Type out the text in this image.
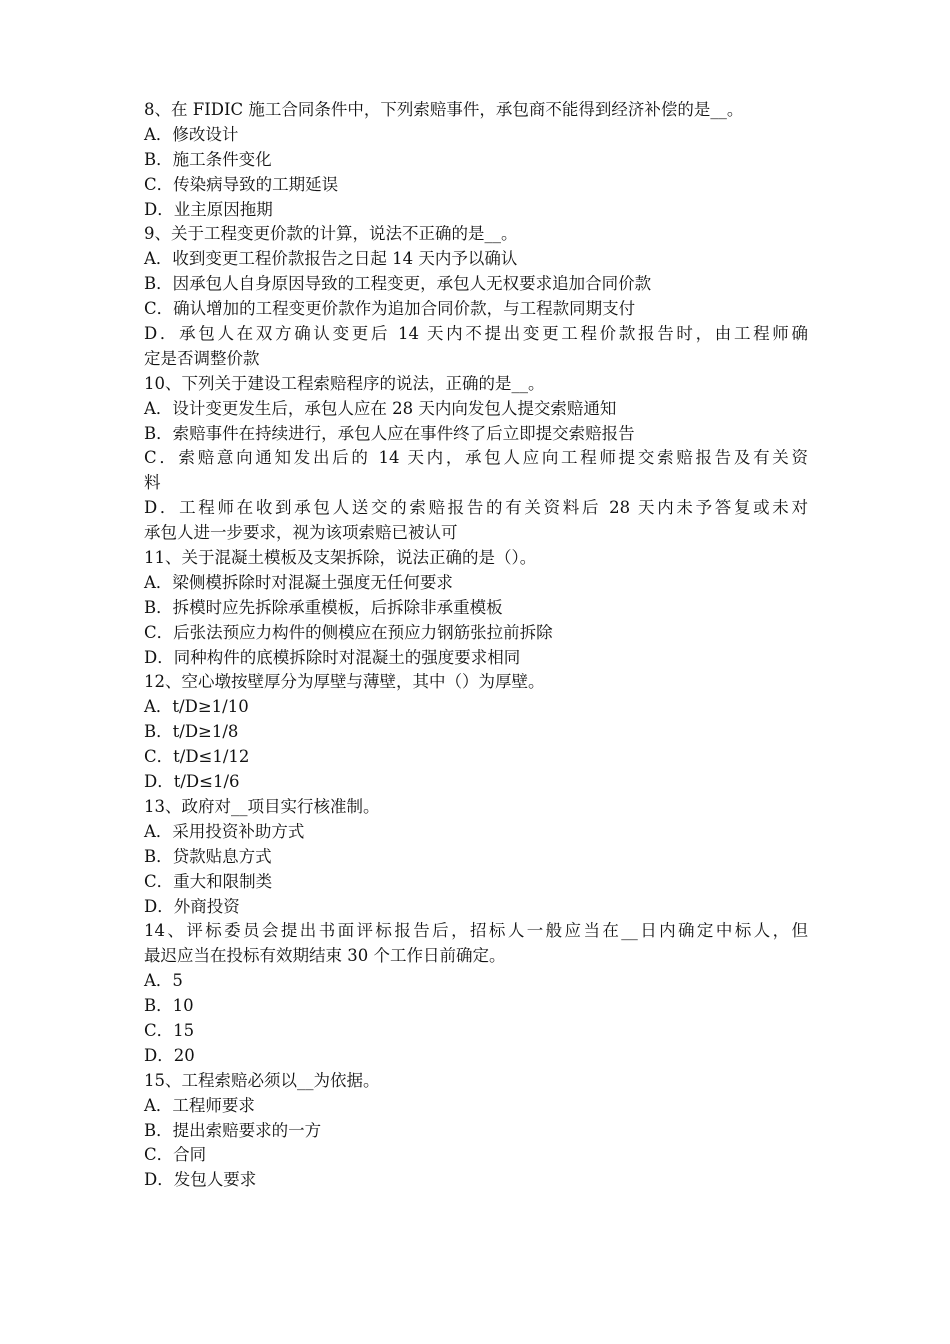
8、在 FIDIC 施工合同条件中，下列索赔事件，承包商不能得到经济补偿的是__。
A．修改设计
B．施工条件变化
C．传染病导致的工期延误
D．业主原因拖期
9、关于工程变更价款的计算，说法不正确的是__。
A．收到变更工程价款报告之日起 14 天内予以确认
B．因承包人自身原因导致的工程变更，承包人无权要求追加合同价款
C．确认增加的工程变更价款作为追加合同价款，与工程款同期支付
D．承包人在双方确认变更后 14 天内不提出变更工程价款报告时，由工程师确
定是否调整价款
10、下列关于建设工程索赔程序的说法，正确的是__。
A．设计变更发生后，承包人应在 28 天内向发包人提交索赔通知
B．索赔事件在持续进行，承包人应在事件终了后立即提交索赔报告
C．索赔意向通知发出后的 14 天内，承包人应向工程师提交索赔报告及有关资
料
D．工程师在收到承包人送交的索赔报告的有关资料后 28 天内未予答复或未对
承包人进一步要求，视为该项索赔已被认可
11、关于混凝土模板及支架拆除，说法正确的是（）。
A．梁侧模拆除时对混凝土强度无任何要求
B．拆模时应先拆除承重模板，后拆除非承重模板
C．后张法预应力构件的侧模应在预应力钢筋张拉前拆除
D．同种构件的底模拆除时对混凝土的强度要求相同
12、空心墩按壁厚分为厚壁与薄壁，其中（）为厚壁。
A．t/D≥1/10
B．t/D≥1/8
C．t/D≤1/12
D．t/D≤1/6
13、政府对__项目实行核准制。
A．采用投资补助方式
B．贷款贴息方式
C．重大和限制类
D．外商投资
14、评标委员会提出书面评标报告后，招标人一般应当在__日内确定中标人，但
最迟应当在投标有效期结束 30 个工作日前确定。
A．5
B．10
C．15
D．20
15、工程索赔必须以__为依据。
A．工程师要求
B．提出索赔要求的一方
C．合同
D．发包人要求
